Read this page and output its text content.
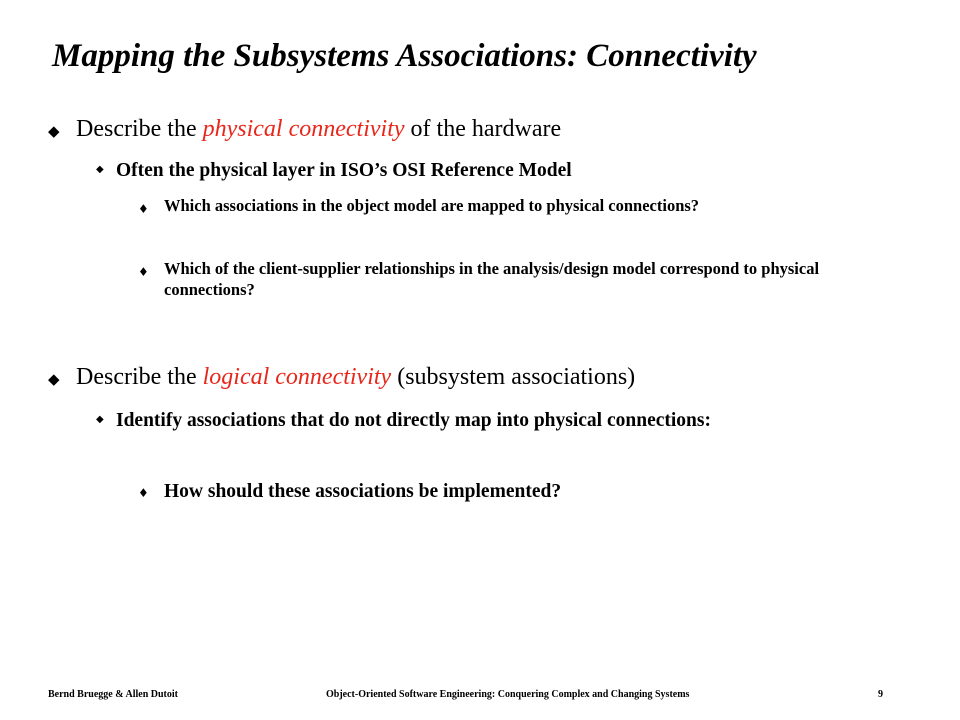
Mapping the Subsystems Associations: Connectivity
◆ Describe the physical connectivity of the hardware
◆ Often the physical layer in ISO’s OSI Reference Model
♦ Which associations in the object model are mapped to physical connections?
♦ Which of the client-supplier relationships in the analysis/design model correspond to physical connections?
◆ Describe the logical connectivity (subsystem associations)
◆ Identify associations that do not directly map into physical connections:
♦ How should these associations be implemented?
Bernd Bruegge & Allen Dutoit	Object-Oriented Software Engineering: Conquering Complex and Changing Systems	9
